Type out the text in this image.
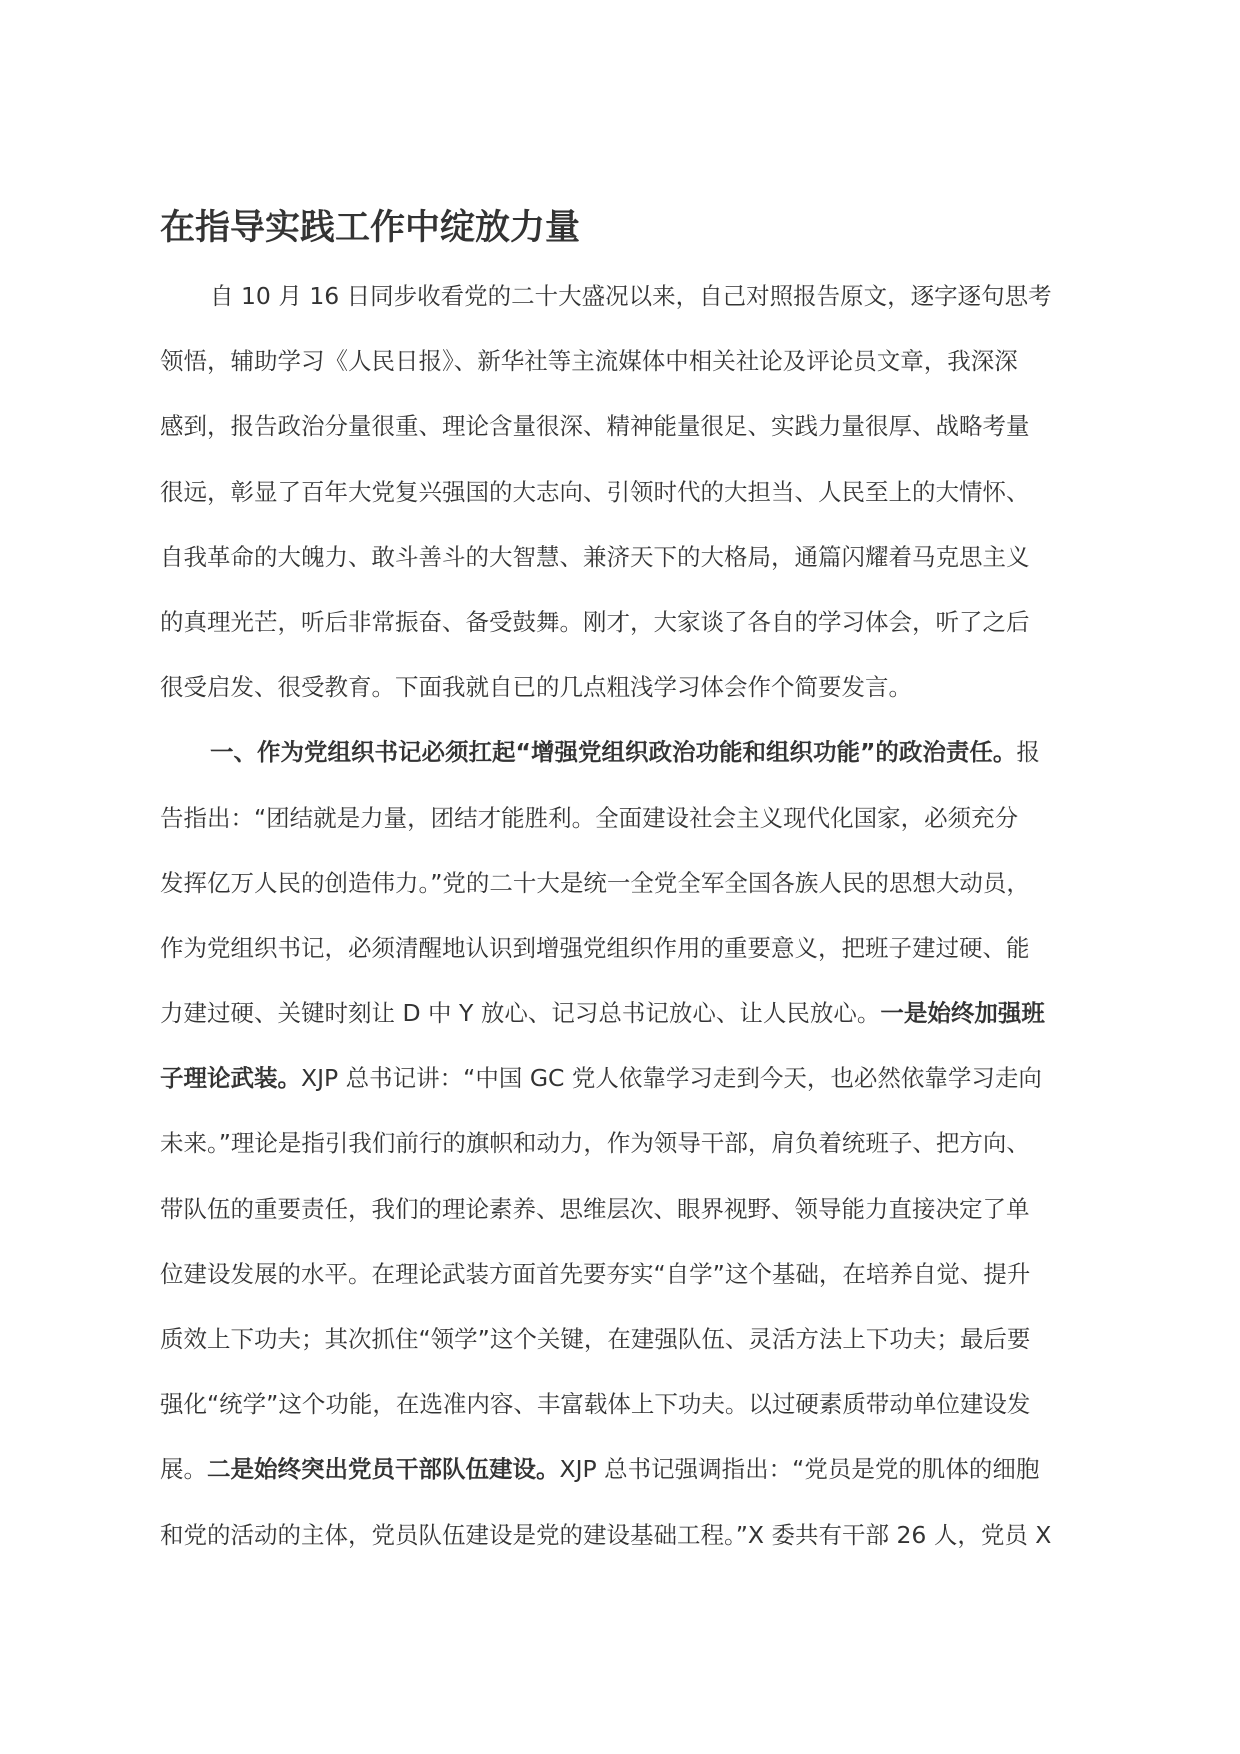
在指导实践工作中绽放力量
自 10 月 16 日同步收看党的二十大盛况以来，自己对照报告原文，逐字逐句思考
领悟，辅助学习《人民日报》、新华社等主流媒体中相关社论及评论员文章，我深深
感到，报告政治分量很重、理论含量很深、精神能量很足、实践力量很厚、战略考量
很远，彰显了百年大党复兴强国的大志向、引领时代的大担当、人民至上的大情怀、
自我革命的大魄力、敢斗善斗的大智慧、兼济天下的大格局，通篇闪耀着马克思主义
的真理光芒，听后非常振奋、备受鼓舞。刚才，大家谈了各自的学习体会，听了之后
很受启发、很受教育。下面我就自已的几点粗浅学习体会作个简要发言。
一、作为党组织书记必须扛起“增强党组织政治功能和组织功能”的政治责任。报
告指出：“团结就是力量，团结才能胜利。全面建设社会主义现代化国家，必须充分
发挥亿万人民的创造伟力。”党的二十大是统一全党全军全国各族人民的思想大动员，
作为党组织书记，必须清醒地认识到增强党组织作用的重要意义，把班子建过硬、能
力建过硬、关键时刻让 D 中 Y 放心、记习总书记放心、让人民放心。一是始终加强班
子理论武装。XJP 总书记讲：“中国 GC 党人依靠学习走到今天，也必然依靠学习走向
未来。”理论是指引我们前行的旗帜和动力，作为领导干部，肩负着统班子、把方向、
带队伍的重要责任，我们的理论素养、思维层次、眼界视野、领导能力直接决定了单
位建设发展的水平。在理论武装方面首先要夯实“自学”这个基础，在培养自觉、提升
质效上下功夫；其次抓住“领学”这个关键，在建强队伍、灵活方法上下功夫；最后要
强化“统学”这个功能，在选准内容、丰富载体上下功夫。以过硬素质带动单位建设发
展。二是始终突出党员干部队伍建设。XJP 总书记强调指出：“党员是党的肌体的细胞
和党的活动的主体，党员队伍建设是党的建设基础工程。”X 委共有干部 26 人，党员 X
